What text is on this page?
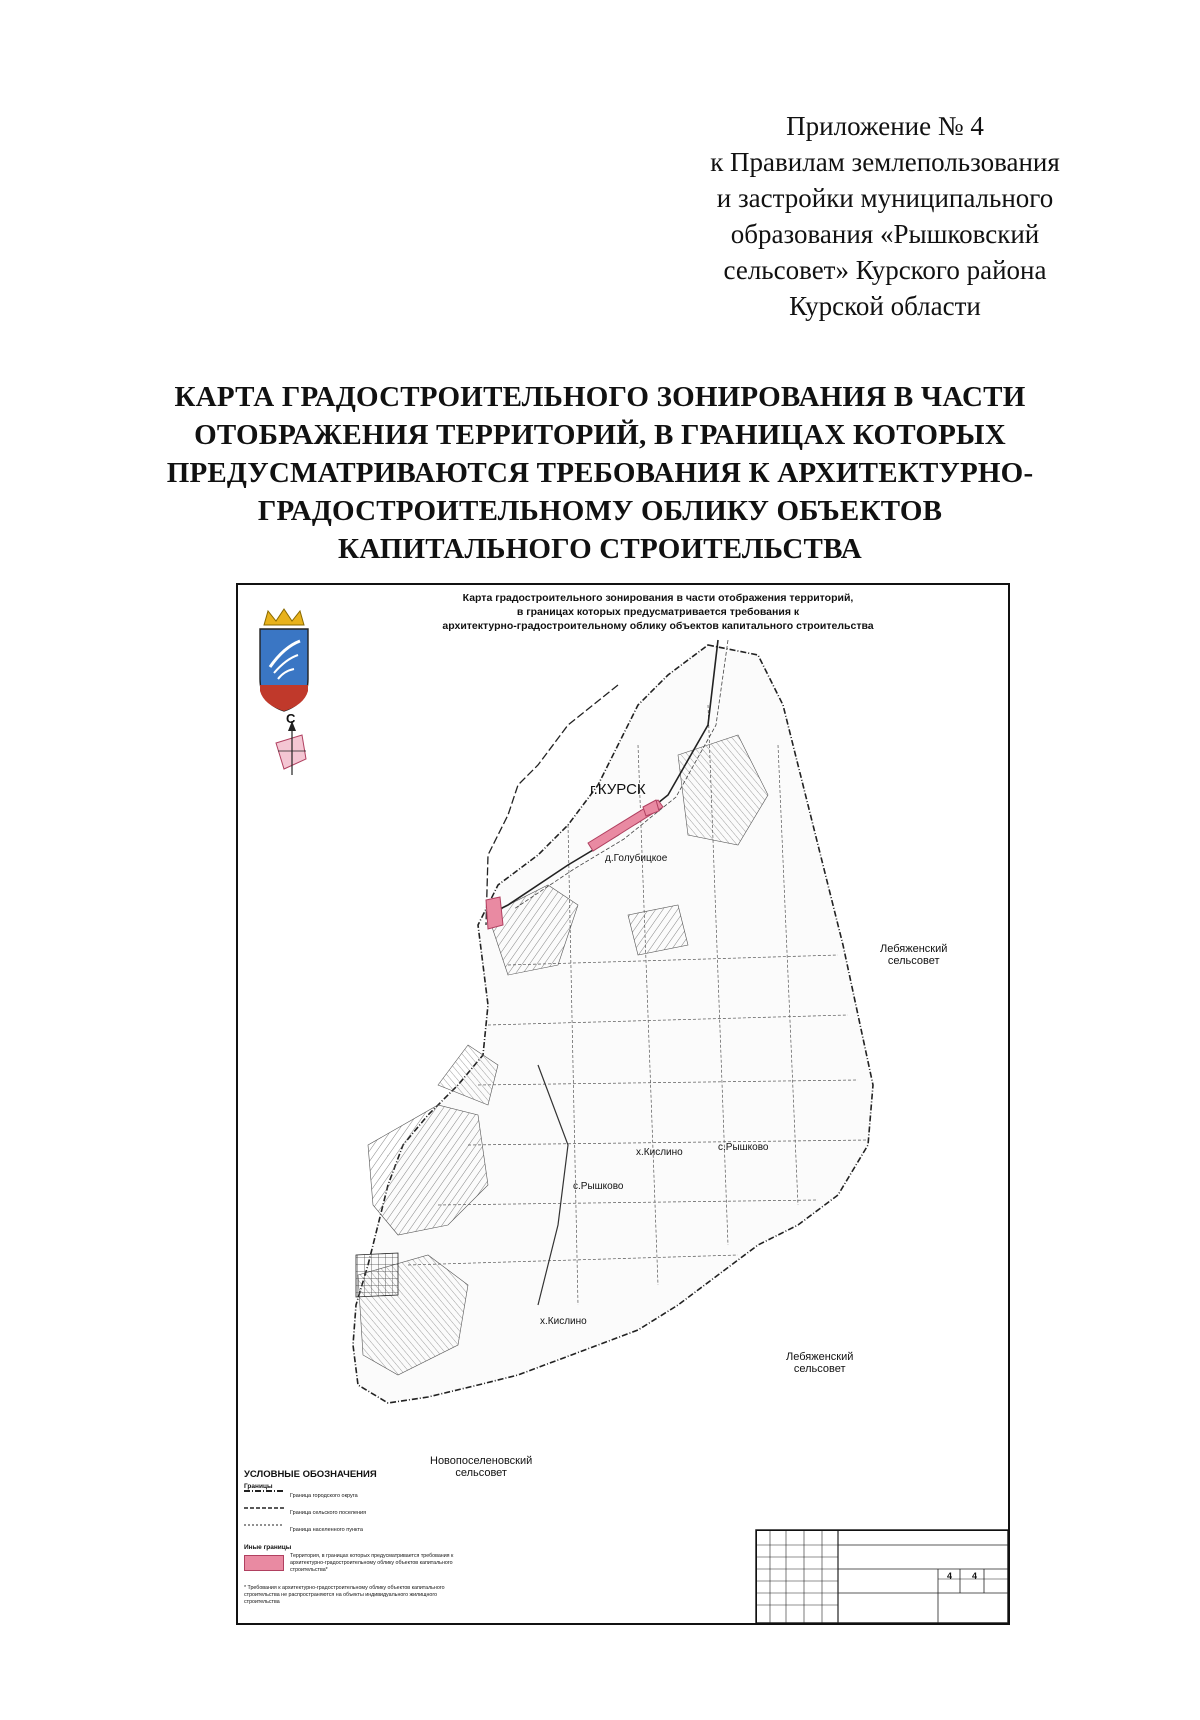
Приложение № 4
к Правилам землепользования
и застройки муниципального
образования «Рышковский
сельсовет» Курского района
Курской области
КАРТА ГРАДОСТРОИТЕЛЬНОГО ЗОНИРОВАНИЯ В ЧАСТИ
ОТОБРАЖЕНИЯ ТЕРРИТОРИЙ, В ГРАНИЦАХ КОТОРЫХ
ПРЕДУСМАТРИВАЮТСЯ ТРЕБОВАНИЯ К АРХИТЕКТУРНО-
ГРАДОСТРОИТЕЛЬНОМУ ОБЛИКУ ОБЪЕКТОВ
КАПИТАЛЬНОГО СТРОИТЕЛЬСТВА
Карта градостроительного зонирования в части отображения территорий,
в границах которых предусматривается требования к
архитектурно-градостроительному облику объектов капитального строительства
С
г.КУРСК
д.Голубицкое
Лебяженский
сельсовет
х.Кислино	с.Рышково
с.Рышково
х.Кислино
Лебяженский
сельсовет
Новопоселеновский
сельсовет
УСЛОВНЫЕ ОБОЗНАЧЕНИЯ
Границы
Граница городского округа
Граница сельского поселения
Граница населенного пункта
Иные границы
Территория, в границах которых предусматривается требования к архитектурно-градостроительному облику объектов капитального строительства*
* Требования к архитектурно-градостроительному облику объектов капитального строительства не распространяются на объекты индивидуального жилищного строительства
4 4
